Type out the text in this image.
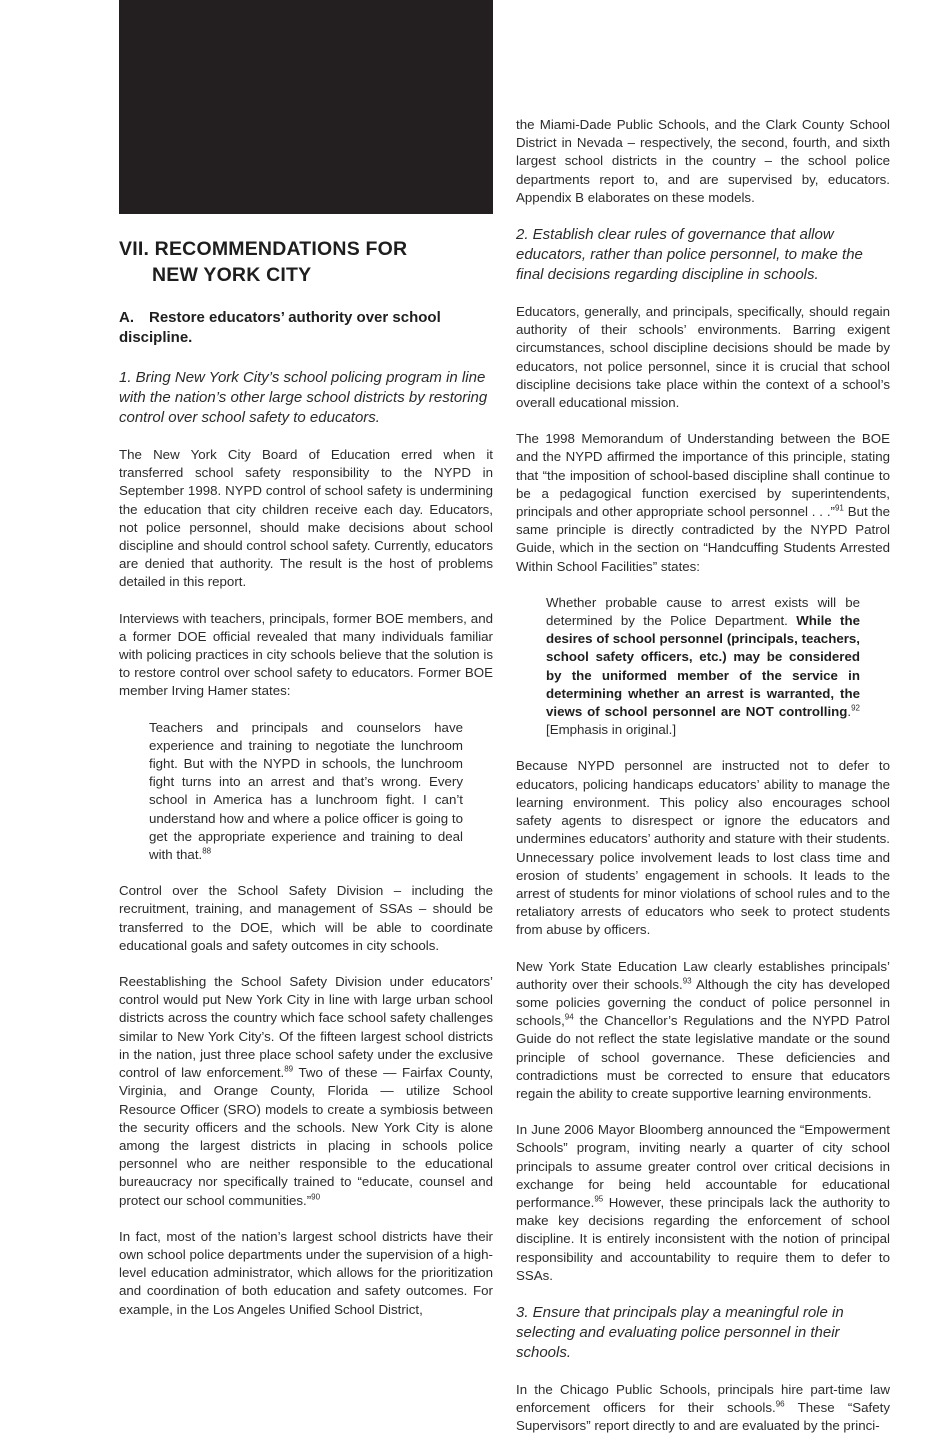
VII. RECOMMENDATIONS FOR
NEW YORK CITY
A. Restore educators’ authority over school discipline.
1. Bring New York City’s school policing program in line with the nation’s other large school districts by restoring control over school safety to educators.

The New York City Board of Education erred when it transferred school safety responsibility to the NYPD in September 1998. NYPD control of school safety is undermining the education that city children receive each day. Educators, not police personnel, should make decisions about school discipline and should control school safety. Currently, educators are denied that authority. The result is the host of problems detailed in this report.

Interviews with teachers, principals, former BOE members, and a former DOE official revealed that many individuals familiar with policing practices in city schools believe that the solution is to restore control over school safety to educators. Former BOE member Irving Hamer states:

Teachers and principals and counselors have experience and training to negotiate the lunchroom fight. But with the NYPD in schools, the lunchroom fight turns into an arrest and that’s wrong. Every school in America has a lunchroom fight. I can’t understand how and where a police officer is going to get the appropriate experience and training to deal with that.$^{88}$

Control over the School Safety Division – including the recruitment, training, and management of SSAs – should be transferred to the DOE, which will be able to coordinate educational goals and safety outcomes in city schools.

Reestablishing the School Safety Division under educators’ control would put New York City in line with large urban school districts across the country which face school safety challenges similar to New York City’s. Of the fifteen largest school districts in the nation, just three place school safety under the exclusive control of law enforcement.$^{89}$ Two of these — Fairfax County, Virginia, and Orange County, Florida — utilize School Resource Officer (SRO) models to create a symbiosis between the security officers and the schools. New York City is alone among the largest districts in placing in schools police personnel who are neither responsible to the educational bureaucracy nor specifically trained to “educate, counsel and protect our school communities.”$^{90}$

In fact, most of the nation’s largest school districts have their own school police departments under the supervision of a high-level education administrator, which allows for the prioritization and coordination of both education and safety outcomes. For example, in the Los Angeles Unified School District,

the Miami-Dade Public Schools, and the Clark County School District in Nevada – respectively, the second, fourth, and sixth largest school districts in the country – the school police departments report to, and are supervised by, educators. Appendix B elaborates on these models.

2. Establish clear rules of governance that allow educators, rather than police personnel, to make the final decisions regarding discipline in schools.

Educators, generally, and principals, specifically, should regain authority of their schools’ environments. Barring exigent circumstances, school discipline decisions should be made by educators, not police personnel, since it is crucial that school discipline decisions take place within the context of a school’s overall educational mission.

The 1998 Memorandum of Understanding between the BOE and the NYPD affirmed the importance of this principle, stating that “the imposition of school-based discipline shall continue to be a pedagogical function exercised by superintendents, principals and other appropriate school personnel . . .”$^{91}$ But the same principle is directly contradicted by the NYPD Patrol Guide, which in the section on “Handcuffing Students Arrested Within School Facilities” states:

Whether probable cause to arrest exists will be determined by the Police Department. While the desires of school personnel (principals, teachers, school safety officers, etc.) may be considered by the uniformed member of the service in determining whether an arrest is warranted, the views of school personnel are NOT controlling.$^{92}$ [Emphasis in original.]

Because NYPD personnel are instructed not to defer to educators, policing handicaps educators’ ability to manage the learning environment. This policy also encourages school safety agents to disrespect or ignore the educators and undermines educators’ authority and stature with their students. Unnecessary police involvement leads to lost class time and erosion of students’ engagement in schools. It leads to the arrest of students for minor violations of school rules and to the retaliatory arrests of educators who seek to protect students from abuse by officers.

New York State Education Law clearly establishes principals’ authority over their schools.$^{93}$ Although the city has developed some policies governing the conduct of police personnel in schools,$^{94}$ the Chancellor’s Regulations and the NYPD Patrol Guide do not reflect the state legislative mandate or the sound principle of school governance. These deficiencies and contradictions must be corrected to ensure that educators regain the ability to create supportive learning environments.

In June 2006 Mayor Bloomberg announced the “Empowerment Schools” program, inviting nearly a quarter of city school principals to assume greater control over critical decisions in exchange for being held accountable for educational performance.$^{95}$ However, these principals lack the authority to make key decisions regarding the enforcement of school discipline. It is entirely inconsistent with the notion of principal responsibility and accountability to require them to defer to SSAs.

3. Ensure that principals play a meaningful role in selecting and evaluating police personnel in their schools.

In the Chicago Public Schools, principals hire part-time law enforcement officers for their schools.$^{96}$ These “Safety Supervisors” report directly to and are evaluated by the princi-
